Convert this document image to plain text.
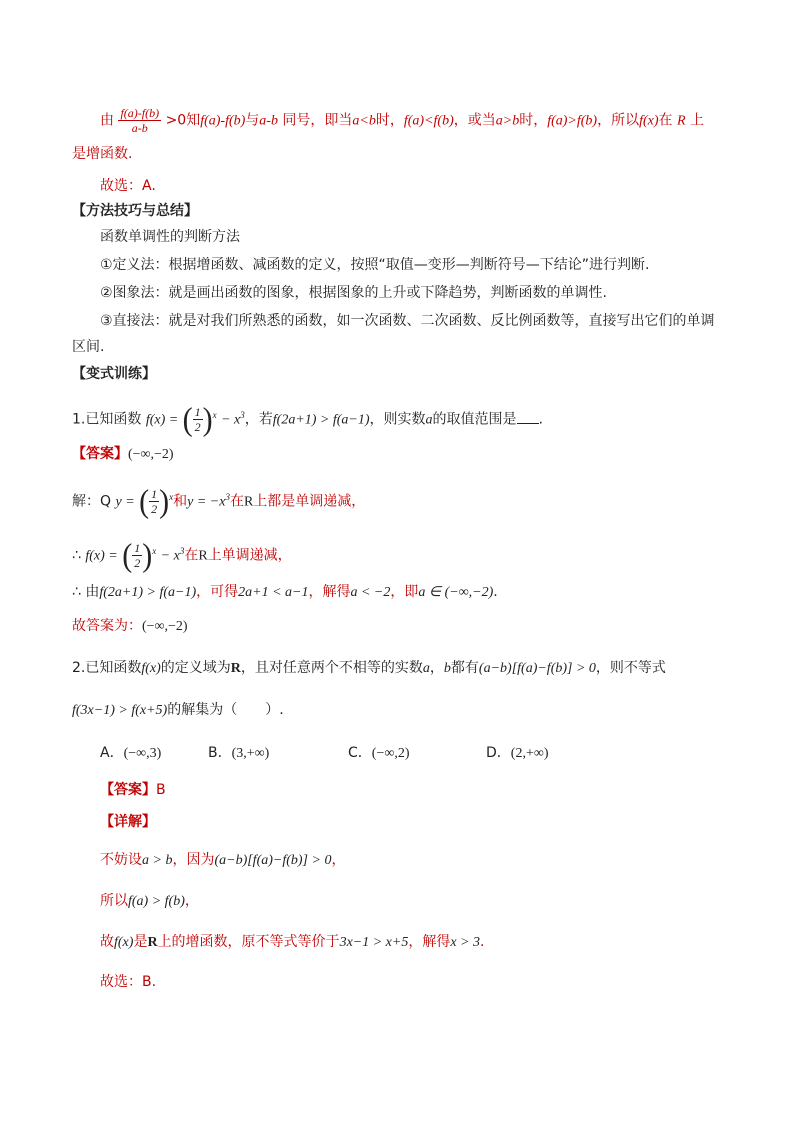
由 $\frac{f(a)-f(b)}{a-b} >0$知f(a)-f(b)与a-b 同号，即当a<b时，f(a)<f(b)，或当a>b时，f(a)>f(b)，所以f(x)在 R 上
是增函数.
故选：A.
【方法技巧与总结】
函数单调性的判断方法
①定义法：根据增函数、减函数的定义，按照“取值—变形—判断符号—下结论”进行判断.
②图象法：就是画出函数的图象，根据图象的上升或下降趋势，判断函数的单调性.
③直接法：就是对我们所熟悉的函数，如一次函数、二次函数、反比例函数等，直接写出它们的单调
区间.
【变式训练】
1.已知函数 f(x) = ( $\frac{1}{2} )^x - x^3$，若f(2a+1) > f(a−1)，则实数a的取值范围是 .
【答案】(−∞,−2)
解：Q y = ( $\frac{1}{2} )^x$和$y = -x^3$在R上都是单调递减，
∴ f(x) = ( $\frac{1}{2} )^x - x^3$在R上单调递减，
∴ 由f(2a+1) > f(a−1)，可得2a+1 < a−1，解得a < −2，即a ∈ (−∞,−2).
故答案为：(−∞,−2)
2.已知函数f(x)的定义域为R，且对任意两个不相等的实数a，b都有(a−b)[f(a)−f(b)] > 0，则不等式
f(3x−1) > f(x+5)的解集为（　　）.
A．(−∞,3)	B．(3,+∞)	C．(−∞,2)	D．(2,+∞)
【答案】B
【详解】
不妨设a > b，因为(a−b)[f(a)−f(b)] > 0，
所以f(a) > f(b)，
故f(x)是R上的增函数，原不等式等价于3x−1 > x+5，解得x > 3.
故选：B.
